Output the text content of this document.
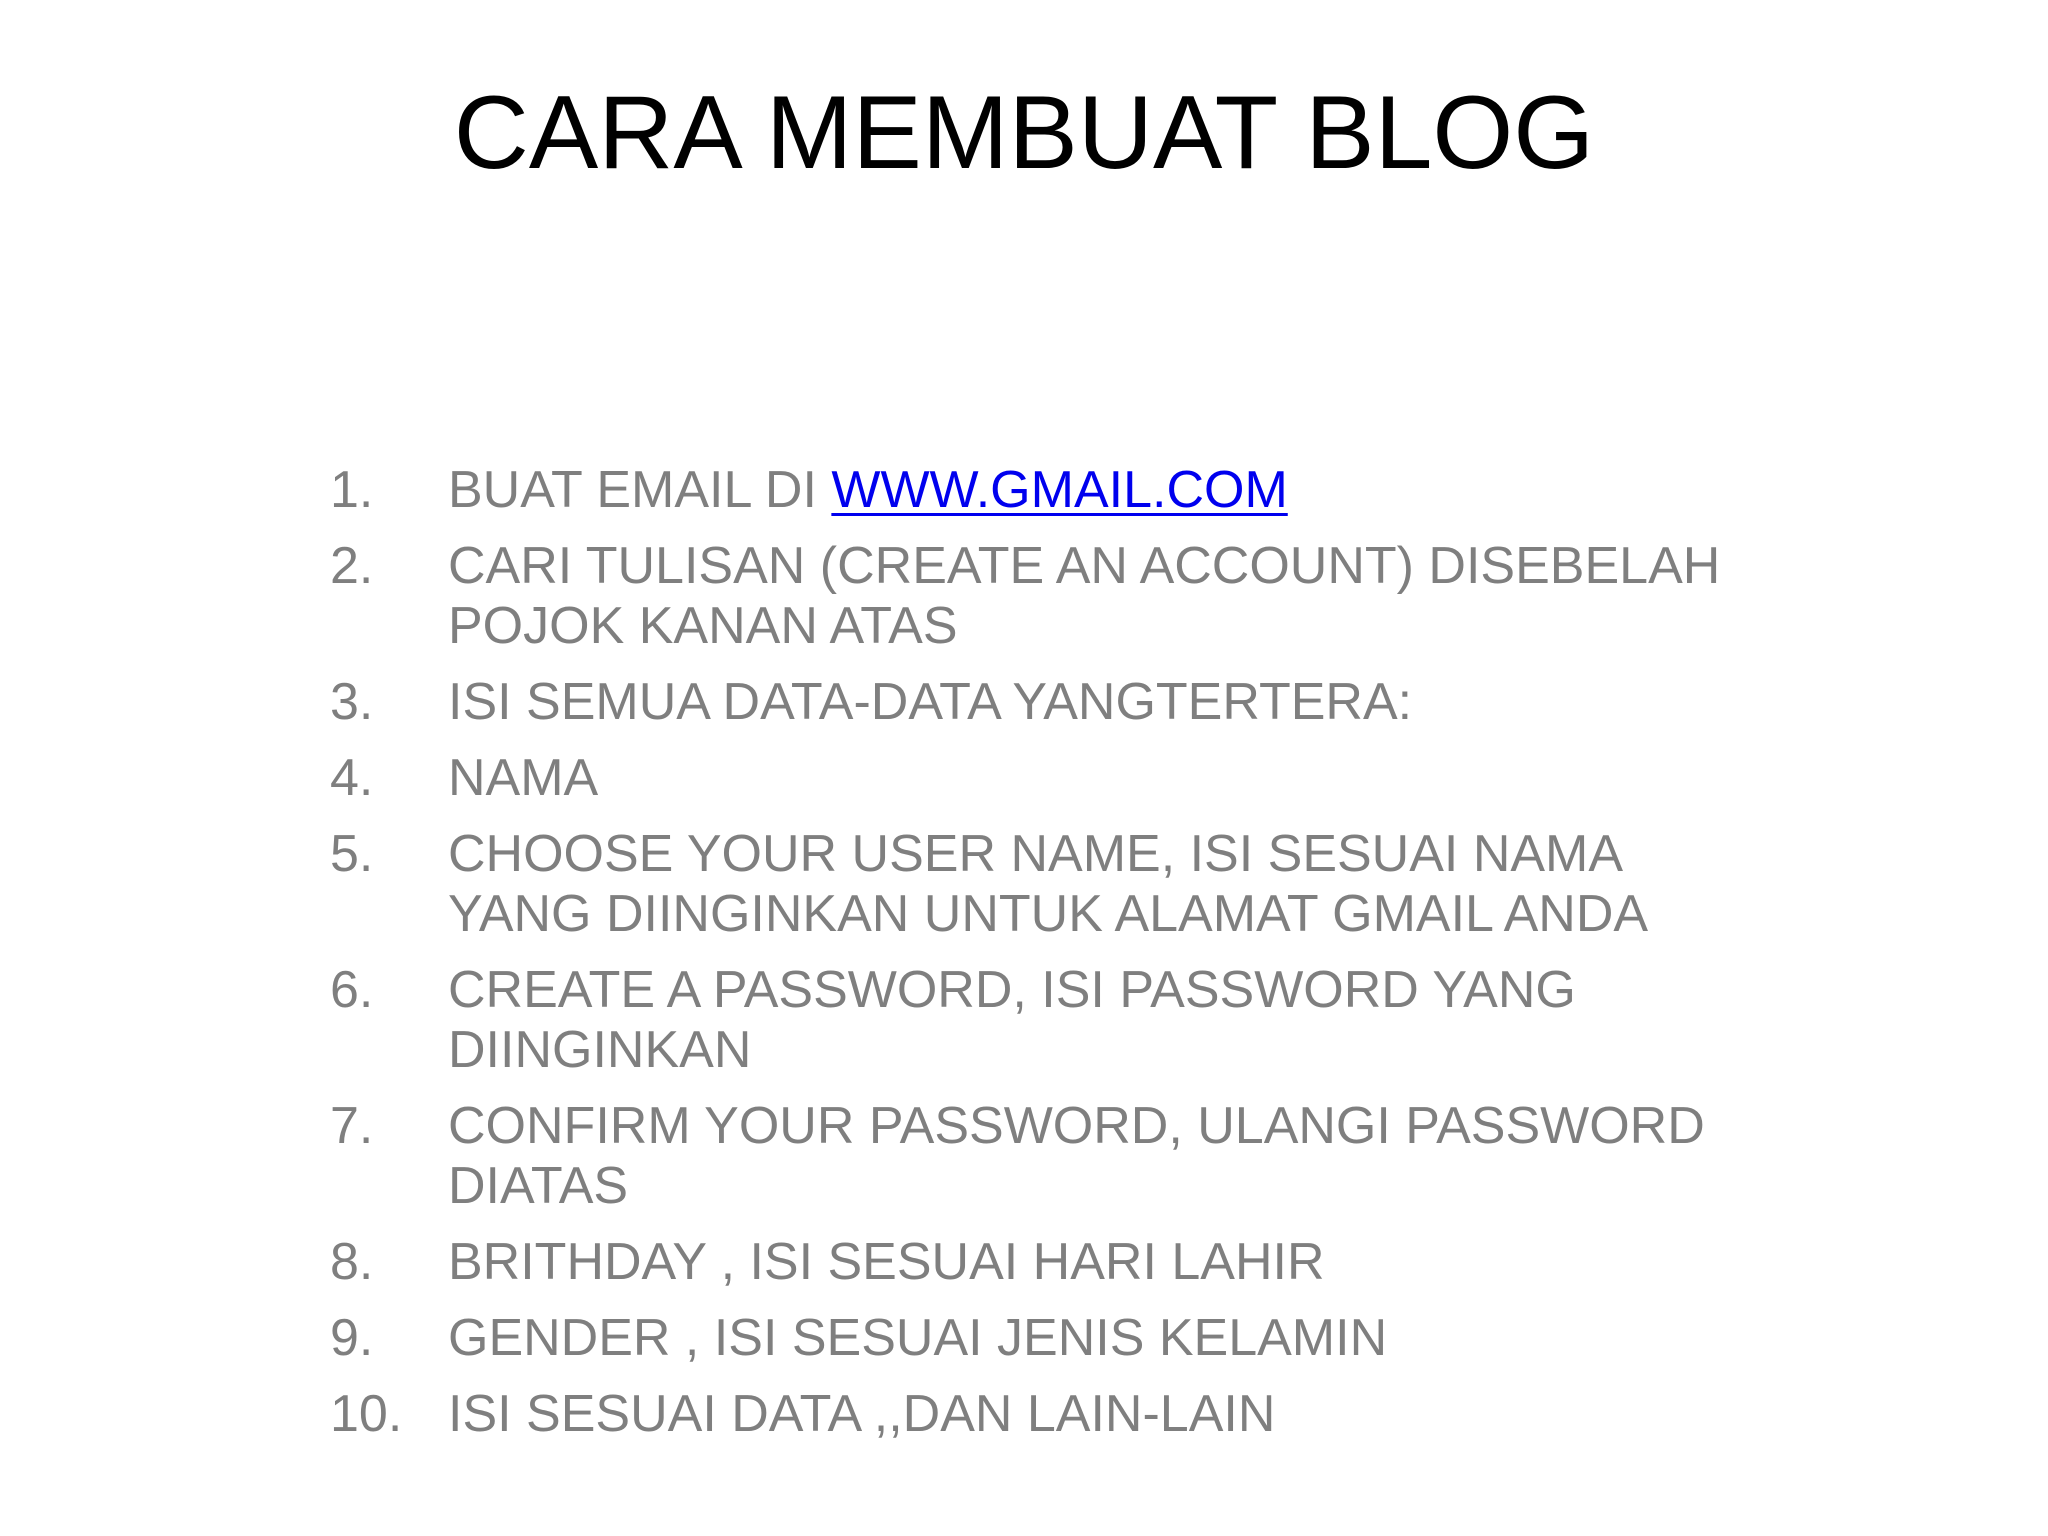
CARA MEMBUAT BLOG
1.	BUAT EMAIL DI WWW.GMAIL.COM
2.	CARI TULISAN (CREATE AN ACCOUNT) DISEBELAH POJOK KANAN ATAS
3.	ISI SEMUA DATA-DATA YANGTERTERA:
4.	NAMA
5.	CHOOSE YOUR USER NAME, ISI SESUAI NAMA YANG DIINGINKAN UNTUK ALAMAT GMAIL ANDA
6.	CREATE A PASSWORD, ISI PASSWORD YANG DIINGINKAN
7.	CONFIRM YOUR PASSWORD, ULANGI PASSWORD DIATAS
8.	BRITHDAY , ISI SESUAI HARI LAHIR
9.	GENDER , ISI SESUAI JENIS KELAMIN
10. ISI SESUAI DATA ,,DAN LAIN-LAIN
